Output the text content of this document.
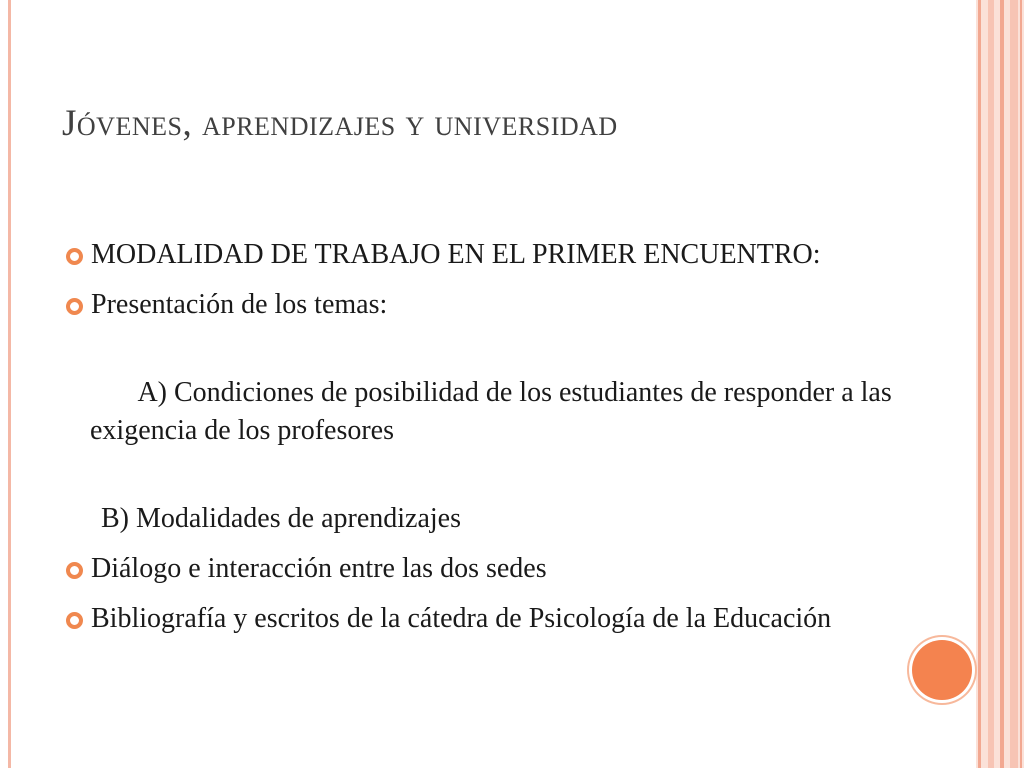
Jóvenes, aprendizajes y universidad
MODALIDAD DE TRABAJO EN EL PRIMER ENCUENTRO:
Presentación de los temas:

A) Condiciones de posibilidad de los estudiantes de responder a las exigencia de los profesores

B) Modalidades de aprendizajes
Diálogo e interacción entre las dos sedes
Bibliografía y escritos de la cátedra de Psicología de la Educación
